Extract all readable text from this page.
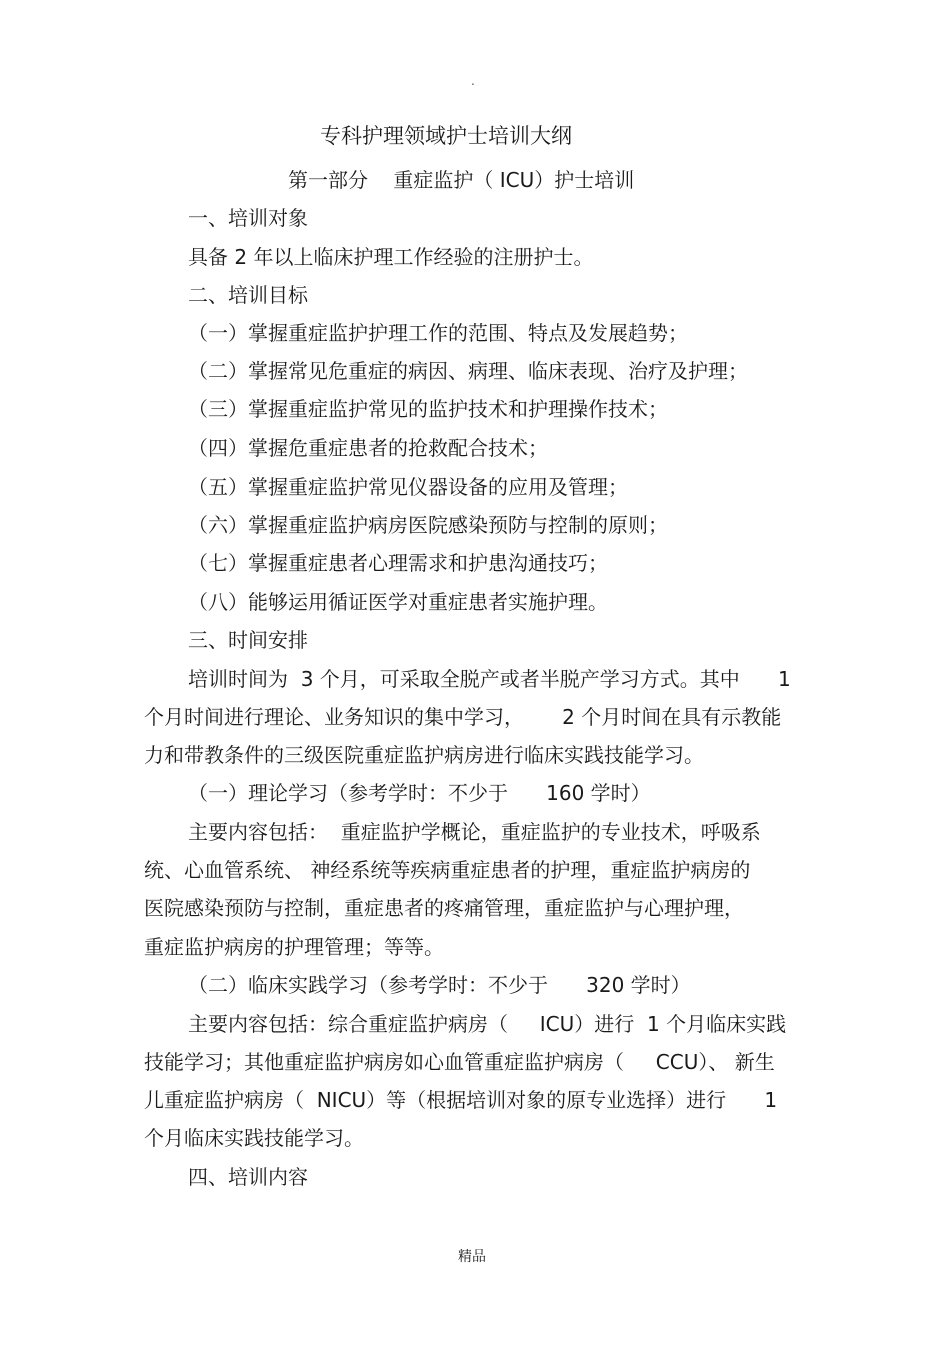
.
专科护理领域护士培训大纲
第一部分    重症监护（ ICU）护士培训
一、培训对象
具备 2 年以上临床护理工作经验的注册护士。
二、培训目标
（一）掌握重症监护护理工作的范围、特点及发展趋势；
（二）掌握常见危重症的病因、病理、临床表现、治疗及护理；
（三）掌握重症监护常见的监护技术和护理操作技术；
（四）掌握危重症患者的抢救配合技术；
（五）掌握重症监护常见仪器设备的应用及管理；
（六）掌握重症监护病房医院感染预防与控制的原则；
（七）掌握重症患者心理需求和护患沟通技巧；
（八）能够运用循证医学对重症患者实施护理。
三、时间安排
培训时间为  3 个月，可采取全脱产或者半脱产学习方式。其中      1
个月时间进行理论、业务知识的集中学习，      2 个月时间在具有示教能
力和带教条件的三级医院重症监护病房进行临床实践技能学习。
（一）理论学习（参考学时：不少于      160 学时）
主要内容包括：  重症监护学概论，重症监护的专业技术，呼吸系
统、心血管系统、 神经系统等疾病重症患者的护理，重症监护病房的
医院感染预防与控制，重症患者的疼痛管理，重症监护与心理护理，
重症监护病房的护理管理；等等。
（二）临床实践学习（参考学时：不少于      320 学时）
主要内容包括：综合重症监护病房（     ICU）进行  1 个月临床实践
技能学习；其他重症监护病房如心血管重症监护病房（     CCU）、 新生
儿重症监护病房（  NICU）等（根据培训对象的原专业选择）进行      1
个月临床实践技能学习。
四、培训内容
精品
